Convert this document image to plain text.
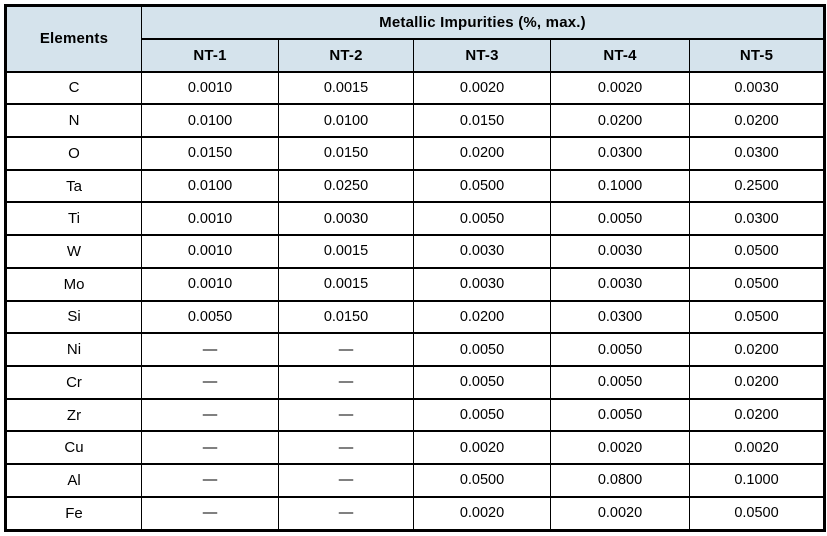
Elements	Metallic Impurities (%, max.)				
	NT-1	NT-2	NT-3	NT-4	NT-5
C	0.0010	0.0015	0.0020	0.0020	0.0030
N	0.0100	0.0100	0.0150	0.0200	0.0200
O	0.0150	0.0150	0.0200	0.0300	0.0300
Ta	0.0100	0.0250	0.0500	0.1000	0.2500
Ti	0.0010	0.0030	0.0050	0.0050	0.0300
W	0.0010	0.0015	0.0030	0.0030	0.0500
Mo	0.0010	0.0015	0.0030	0.0030	0.0500
Si	0.0050	0.0150	0.0200	0.0300	0.0500
Ni	—	—	0.0050	0.0050	0.0200
Cr	—	—	0.0050	0.0050	0.0200
Zr	—	—	0.0050	0.0050	0.0200
Cu	—	—	0.0020	0.0020	0.0020
Al	—	—	0.0500	0.0800	0.1000
Fe	—	—	0.0020	0.0020	0.0500
